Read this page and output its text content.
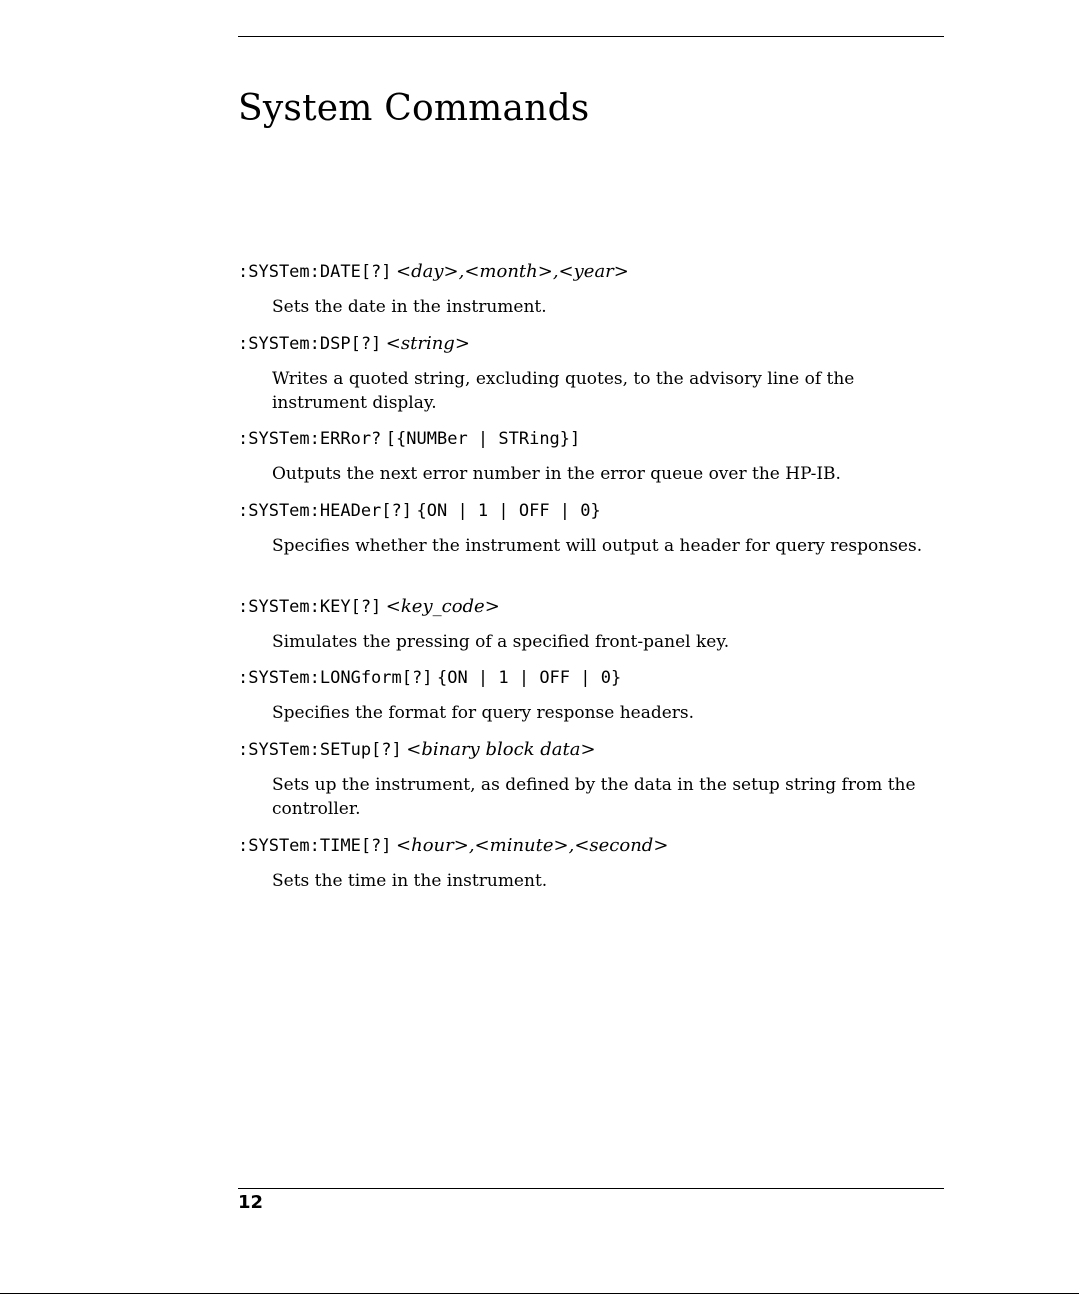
System Commands
:SYSTem:DATE[?] <day>,<month>,<year>

Sets the date in the instrument.

:SYSTem:DSP[?] <string>

Writes a quoted string, excluding quotes, to the advisory line of the instrument display.

:SYSTem:ERRor? [{NUMBer | STRing}]

Outputs the next error number in the error queue over the HP-IB.

:SYSTem:HEADer[?] {ON | 1 | OFF | 0}

Specifies whether the instrument will output a header for query responses.

:SYSTem:KEY[?] <key_code>

Simulates the pressing of a specified front-panel key.

:SYSTem:LONGform[?] {ON | 1 | OFF | 0}

Specifies the format for query response headers.

:SYSTem:SETup[?] <binary block data>

Sets up the instrument, as defined by the data in the setup string from the controller.

:SYSTem:TIME[?] <hour>,<minute>,<second>

Sets the time in the instrument.

12
